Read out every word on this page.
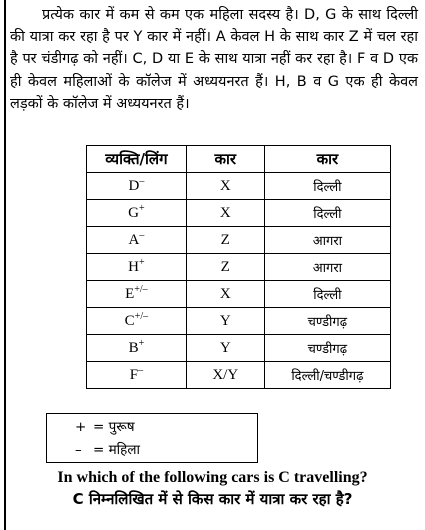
प्रत्येक कार में कम से कम एक महिला सदस्य है। D, G के साथ दिल्ली की यात्रा कर रहा है पर Y कार में नहीं। A केवल H के साथ कार Z में चल रहा है पर चंडीगढ़ को नहीं। C, D या E के साथ यात्रा नहीं कर रहा है। F व D एक ही केवल महिलाओं के कॉलेज में अध्ययनरत हैं। H, B व G एक ही केवल लड़कों के कॉलेज में अध्ययनरत हैं।

व्यक्ति/लिंग	कार	कार
D–	X	दिल्ली
G+	X	दिल्ली
A–	Z	आगरा
H+	Z	आगरा
E+/–	X	दिल्ली
C+/–	Y	चण्डीगढ़
B+	Y	चण्डीगढ़
F–	X/Y	दिल्ली/चण्डीगढ़
+ = पुरूष
– = महिला

In which of the following cars is C travelling?

C निम्नलिखित में से किस कार में यात्रा कर रहा है?
